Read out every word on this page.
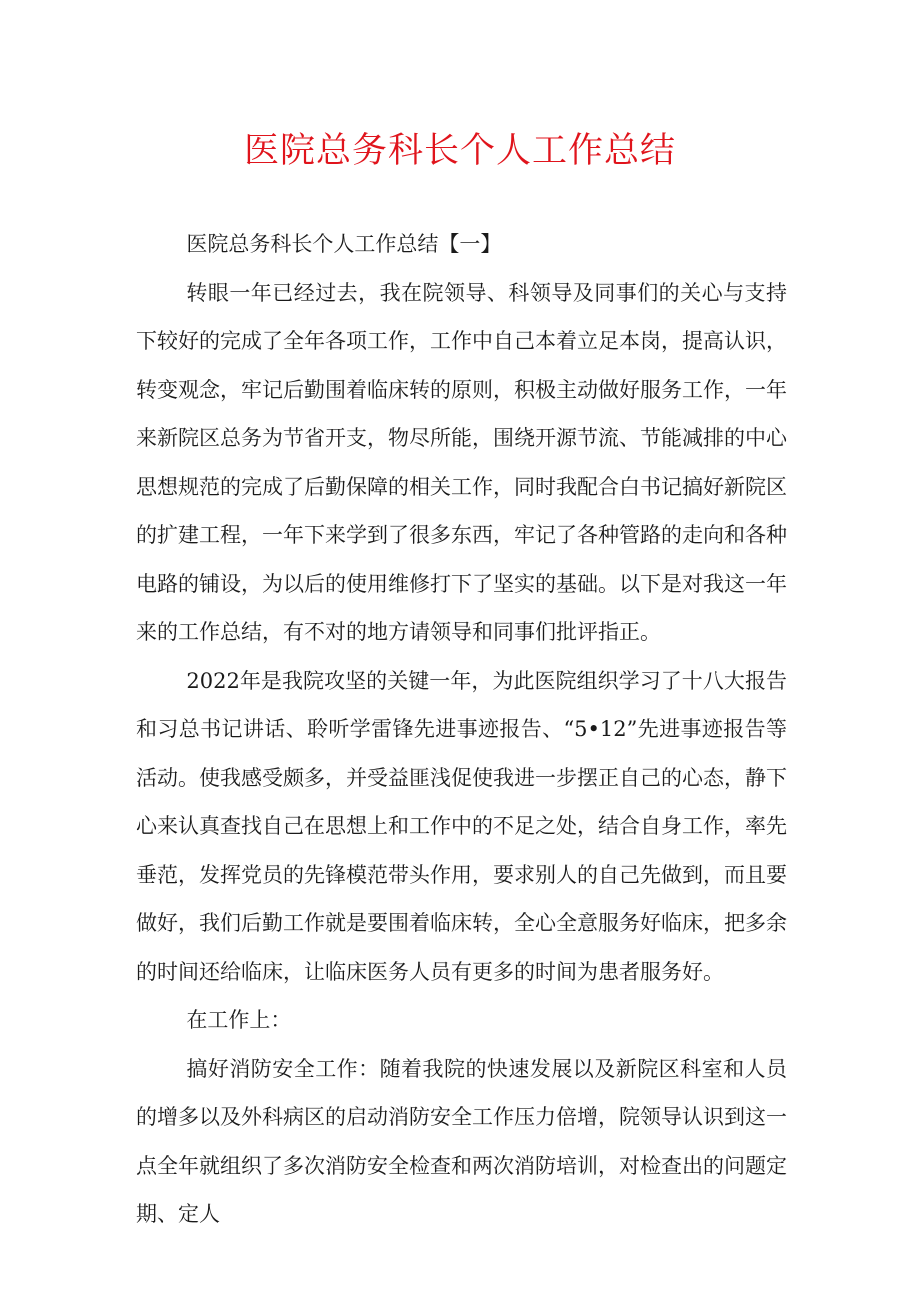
医院总务科长个人工作总结

医院总务科长个人工作总结【一】

转眼一年已经过去，我在院领导、科领导及同事们的关心与支持下较好的完成了全年各项工作，工作中自己本着立足本岗，提高认识，转变观念，牢记后勤围着临床转的原则，积极主动做好服务工作，一年来新院区总务为节省开支，物尽所能，围绕开源节流、节能减排的中心思想规范的完成了后勤保障的相关工作，同时我配合白书记搞好新院区的扩建工程，一年下来学到了很多东西，牢记了各种管路的走向和各种电路的铺设，为以后的使用维修打下了坚实的基础。以下是对我这一年来的工作总结，有不对的地方请领导和同事们批评指正。

2022年是我院攻坚的关键一年，为此医院组织学习了十八大报告和习总书记讲话、聆听学雷锋先进事迹报告、“5•12”先进事迹报告等活动。使我感受颇多，并受益匪浅促使我进一步摆正自己的心态，静下心来认真查找自己在思想上和工作中的不足之处，结合自身工作，率先垂范，发挥党员的先锋模范带头作用，要求别人的自己先做到，而且要做好，我们后勤工作就是要围着临床转，全心全意服务好临床，把多余的时间还给临床，让临床医务人员有更多的时间为患者服务好。

在工作上：

搞好消防安全工作：随着我院的快速发展以及新院区科室和人员的增多以及外科病区的启动消防安全工作压力倍增，院领导认识到这一点全年就组织了多次消防安全检查和两次消防培训，对检查出的问题定期、定人
